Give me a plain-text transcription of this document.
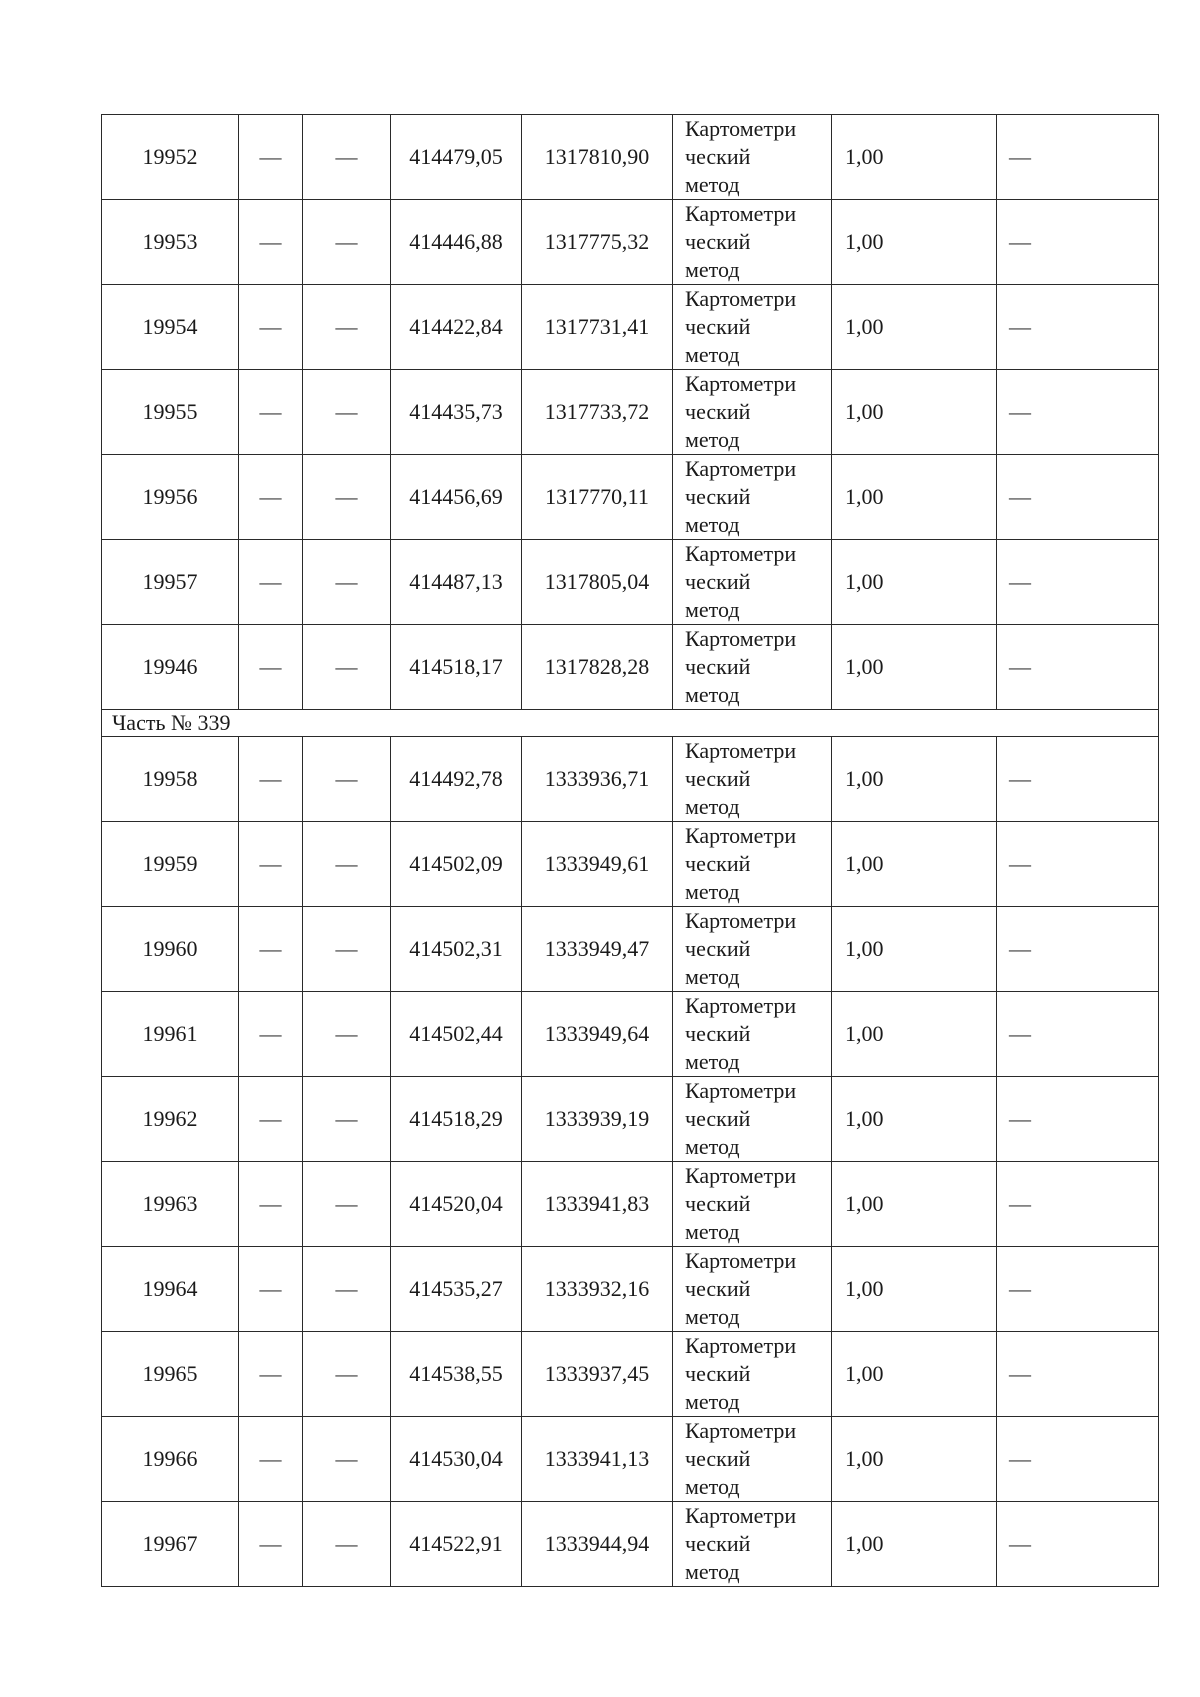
19952	—	—	414479,05	1317810,90	Картометри
ческий
метод	1,00	—
19953	—	—	414446,88	1317775,32	Картометри
ческий
метод	1,00	—
19954	—	—	414422,84	1317731,41	Картометри
ческий
метод	1,00	—
19955	—	—	414435,73	1317733,72	Картометри
ческий
метод	1,00	—
19956	—	—	414456,69	1317770,11	Картометри
ческий
метод	1,00	—
19957	—	—	414487,13	1317805,04	Картометри
ческий
метод	1,00	—
19946	—	—	414518,17	1317828,28	Картометри
ческий
метод	1,00	—
Часть № 339							
19958	—	—	414492,78	1333936,71	Картометри
ческий
метод	1,00	—
19959	—	—	414502,09	1333949,61	Картометри
ческий
метод	1,00	—
19960	—	—	414502,31	1333949,47	Картометри
ческий
метод	1,00	—
19961	—	—	414502,44	1333949,64	Картометри
ческий
метод	1,00	—
19962	—	—	414518,29	1333939,19	Картометри
ческий
метод	1,00	—
19963	—	—	414520,04	1333941,83	Картометри
ческий
метод	1,00	—
19964	—	—	414535,27	1333932,16	Картометри
ческий
метод	1,00	—
19965	—	—	414538,55	1333937,45	Картометри
ческий
метод	1,00	—
19966	—	—	414530,04	1333941,13	Картометри
ческий
метод	1,00	—
19967	—	—	414522,91	1333944,94	Картометри
ческий
метод	1,00	—
